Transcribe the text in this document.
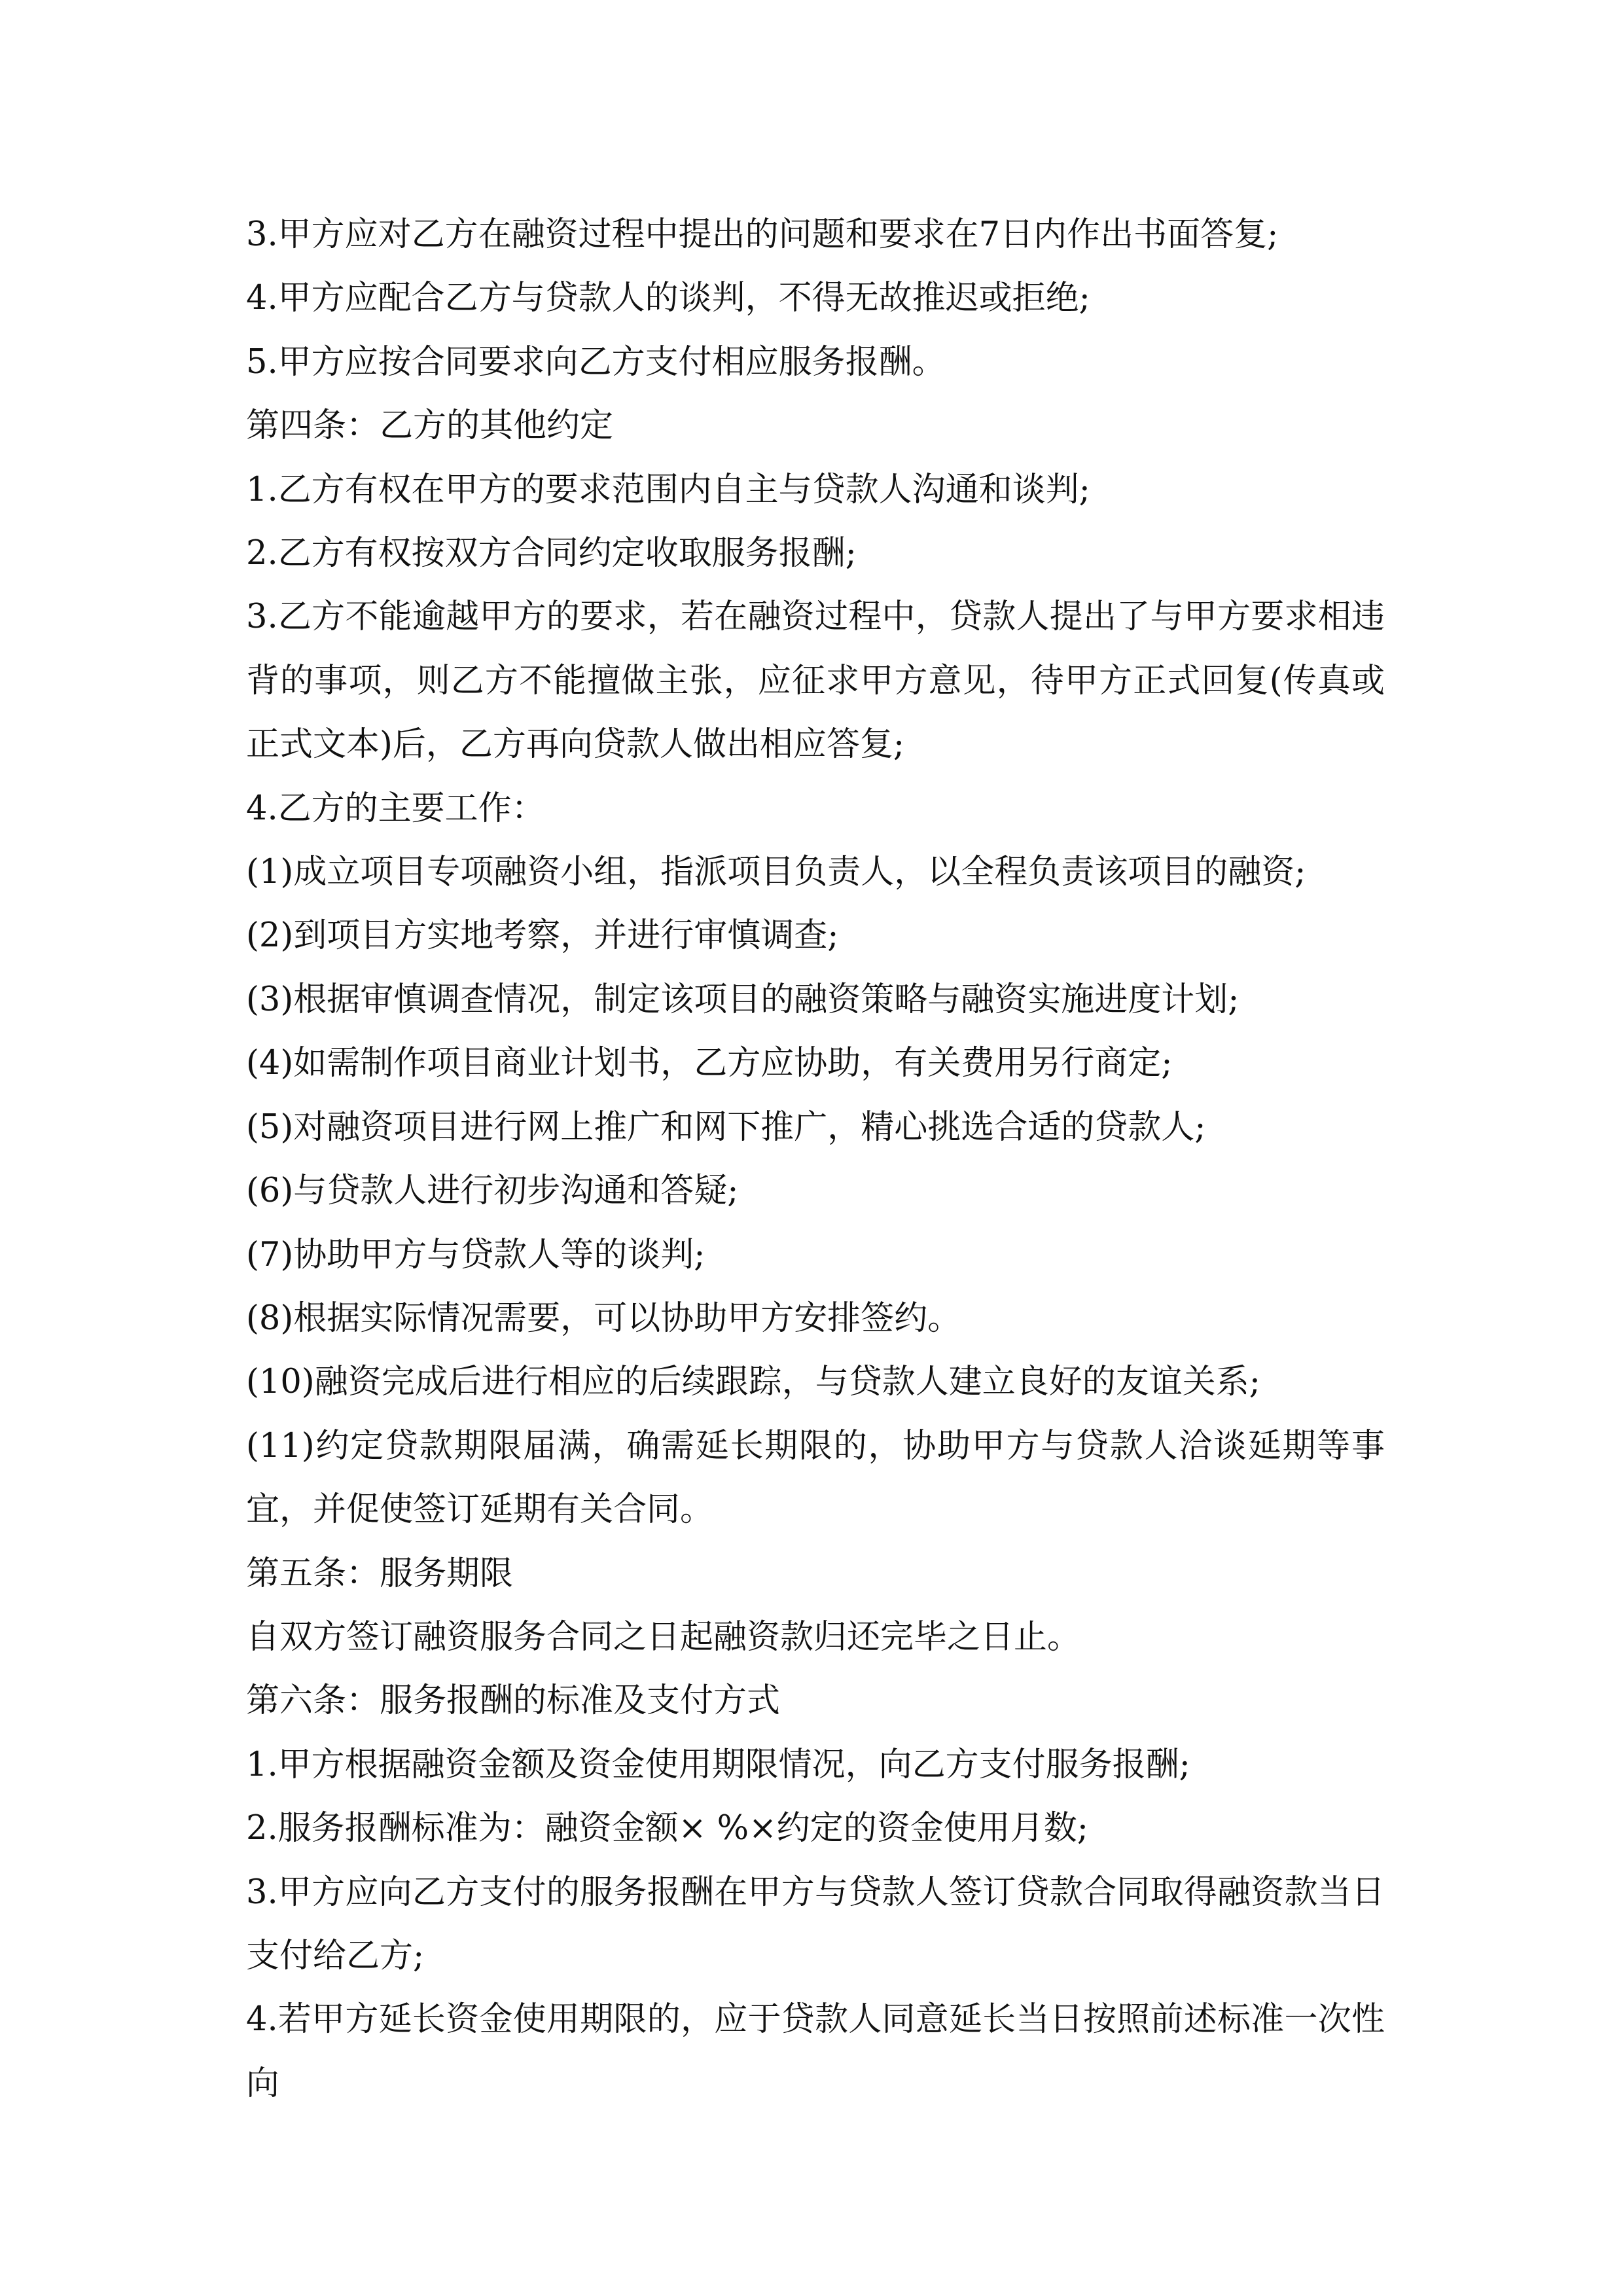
3.甲方应对乙方在融资过程中提出的问题和要求在7日内作出书面答复;

4.甲方应配合乙方与贷款人的谈判，不得无故推迟或拒绝;

5.甲方应按合同要求向乙方支付相应服务报酬。

第四条：乙方的其他约定

1.乙方有权在甲方的要求范围内自主与贷款人沟通和谈判;

2.乙方有权按双方合同约定收取服务报酬;

3.乙方不能逾越甲方的要求，若在融资过程中，贷款人提出了与甲方要求相违背的事项，则乙方不能擅做主张，应征求甲方意见，待甲方正式回复(传真或正式文本)后，乙方再向贷款人做出相应答复;

4.乙方的主要工作：

(1)成立项目专项融资小组，指派项目负责人，以全程负责该项目的融资;

(2)到项目方实地考察，并进行审慎调查;

(3)根据审慎调查情况，制定该项目的融资策略与融资实施进度计划;

(4)如需制作项目商业计划书，乙方应协助，有关费用另行商定;

(5)对融资项目进行网上推广和网下推广，精心挑选合适的贷款人;

(6)与贷款人进行初步沟通和答疑;

(7)协助甲方与贷款人等的谈判;

(8)根据实际情况需要，可以协助甲方安排签约。

(10)融资完成后进行相应的后续跟踪，与贷款人建立良好的友谊关系;

(11)约定贷款期限届满，确需延长期限的，协助甲方与贷款人洽谈延期等事宜，并促使签订延期有关合同。

第五条：服务期限

自双方签订融资服务合同之日起融资款归还完毕之日止。

第六条：服务报酬的标准及支付方式

1.甲方根据融资金额及资金使用期限情况，向乙方支付服务报酬;

2.服务报酬标准为：融资金额× %×约定的资金使用月数;

3.甲方应向乙方支付的服务报酬在甲方与贷款人签订贷款合同取得融资款当日支付给乙方;

4.若甲方延长资金使用期限的，应于贷款人同意延长当日按照前述标准一次性向
